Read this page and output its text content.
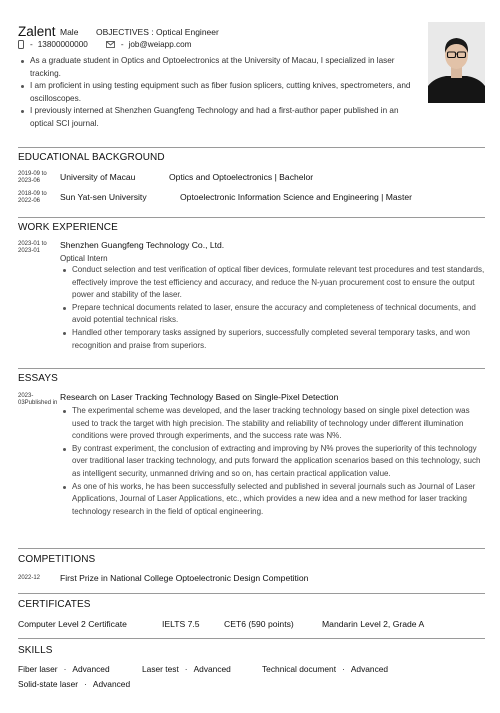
Zalent Male OBJECTIVES : Optical Engineer
- 13800000000	- job@weiapp.com
As a graduate student in Optics and Optoelectronics at the University of Macau, I specialized in laser tracking.
I am proficient in using testing equipment such as fiber fusion splicers, cutting knives, spectrometers, and oscilloscopes.
I previously interned at Shenzhen Guangfeng Technology and had a first-author paper published in an optical SCI journal.
EDUCATIONAL BACKGROUND
2019-09 to 2023-06	University of Macau	Optics and Optoelectronics | Bachelor
2018-09 to 2022-06	Sun Yat-sen University	Optoelectronic Information Science and Engineering | Master
WORK EXPERIENCE
2023-01 to 2023-01
Shenzhen Guangfeng Technology Co., Ltd.
Optical Intern
Conduct selection and test verification of optical fiber devices, formulate relevant test procedures and test standards, effectively improve the test efficiency and accuracy, and reduce the N-yuan procurement cost to ensure the output power and stability of the laser.
Prepare technical documents related to laser, ensure the accuracy and completeness of technical documents, and avoid potential technical risks.
Handled other temporary tasks assigned by superiors, successfully completed several temporary tasks, and won recognition and praise from superiors.
ESSAYS
2023-03Published in
Research on Laser Tracking Technology Based on Single-Pixel Detection
The experimental scheme was developed, and the laser tracking technology based on single pixel detection was used to track the target with high precision. The stability and reliability of technology under different illumination conditions were proved through experiments, and the success rate was N%.
By contrast experiment, the conclusion of extracting and improving by N% proves the superiority of this technology over traditional laser tracking technology, and puts forward the application scenarios based on this technology, such as intelligent security, unmanned driving and so on, has certain practical application value.
As one of his works, he has been successfully selected and published in several journals such as Journal of Laser Applications, Journal of Laser Applications, etc., which provides a new idea and a new method for laser tracking technology research in the field of optical engineering.
COMPETITIONS
2022-12	First Prize in National College Optoelectronic Design Competition
CERTIFICATES
Computer Level 2 Certificate	IELTS 7.5	CET6 (590 points)	Mandarin Level 2, Grade A
SKILLS
Fiber laser · Advanced	Laser test · Advanced	Technical document · Advanced
Solid-state laser · Advanced
